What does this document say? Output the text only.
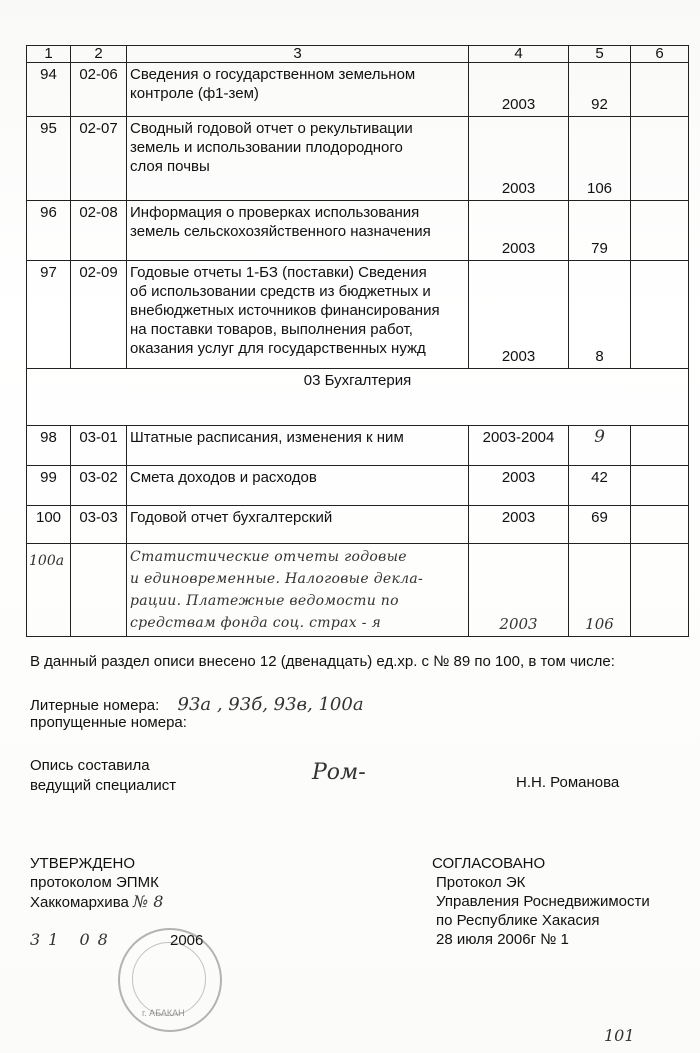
1	2	3	4	5	6
94	02-06	Сведения о государственном земельном
контроле (ф1-зем)	2003	92	
95	02-07	Сводный годовой отчет о рекультивации
земель и использовании плодородного
слоя почвы	2003	106	
96	02-08	Информация о проверках использования
земель сельскохозяйственного назначения	2003	79	
97	02-09	Годовые отчеты 1-БЗ (поставки) Сведения
об использовании средств из бюджетных и
внебюджетных источников финансирования
на поставки товаров, выполнения работ,
оказания услуг для государственных нужд	2003	8	
03 Бухгалтерия					
98	03-01	Штатные расписания, изменения к ним	2003-2004	9	
99	03-02	Смета доходов и расходов	2003	42	
100	03-03	Годовой отчет бухгалтерский	2003	69	
100а		Статистические отчеты годовые
и единовременные. Налоговые декла-
рации. Платежные ведомости по
средствам фонда соц. страх - я	2003	106	
В данный раздел описи внесено 12 (двенадцать) ед.хр. с № 89 по 100, в том числе:
Литерные номера: 93а , 93б, 93в, 100а
пропущенные номера:
Опись составила
ведущий специалист
Ром-	Н.Н. Романова
УТВЕРЖДЕНО
протоколом ЭПМК
Хаккомархива № 8
31 08	2006
г. АБАКАН
СОГЛАСОВАНО
Протокол ЭК
Управления Роснедвижимости
по Республике Хакасия
28 июля 2006г № 1
101
